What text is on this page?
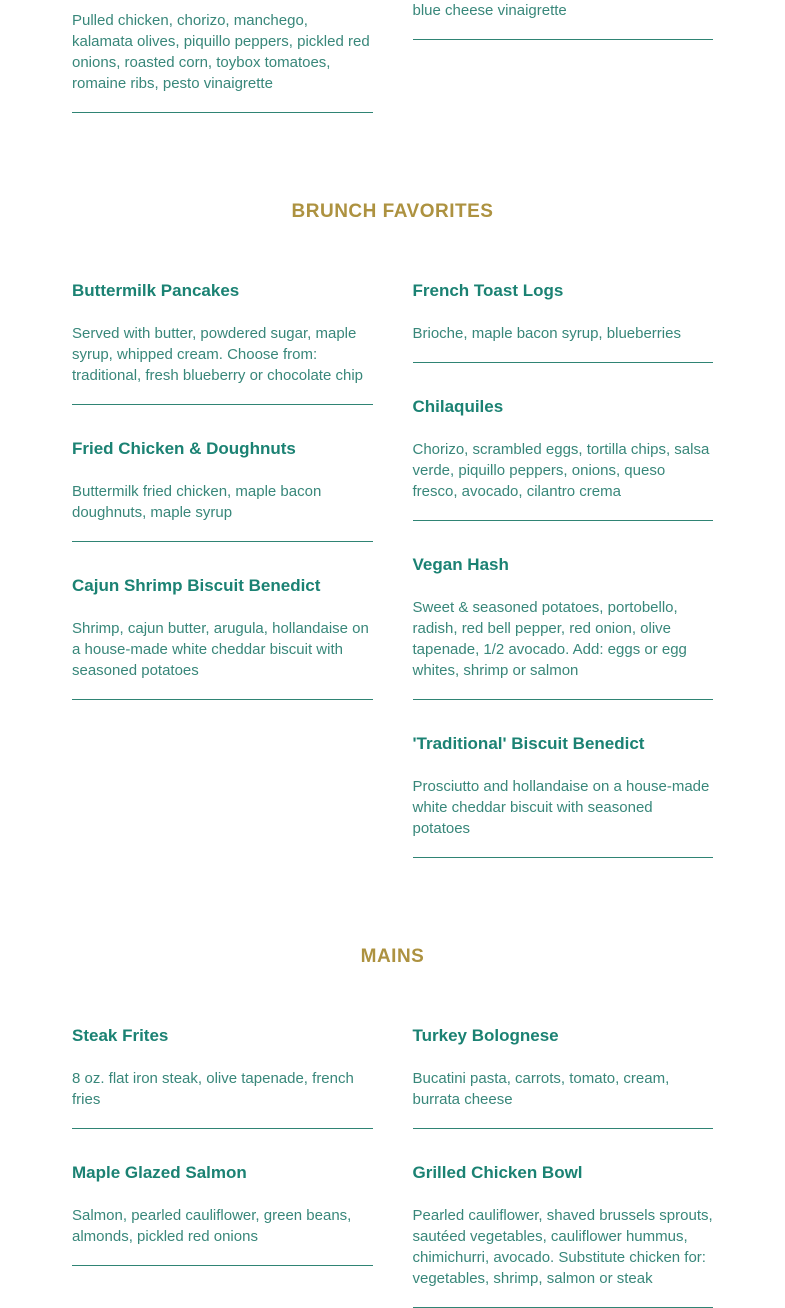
Pulled chicken, chorizo, manchego, kalamata olives, piquillo peppers, pickled red onions, roasted corn, toybox tomatoes, romaine ribs, pesto vinaigrette

blue cheese vinaigrette

BRUNCH FAVORITES
Buttermilk Pancakes

Served with butter, powdered sugar, maple syrup, whipped cream. Choose from: traditional, fresh blueberry or chocolate chip

Fried Chicken & Doughnuts

Buttermilk fried chicken, maple bacon doughnuts, maple syrup

Cajun Shrimp Biscuit Benedict

Shrimp, cajun butter, arugula, hollandaise on a house-made white cheddar biscuit with seasoned potatoes

French Toast Logs

Brioche, maple bacon syrup, blueberries

Chilaquiles

Chorizo, scrambled eggs, tortilla chips, salsa verde, piquillo peppers, onions, queso fresco, avocado, cilantro crema

Vegan Hash

Sweet & seasoned potatoes, portobello, radish, red bell pepper, red onion, olive tapenade, 1/2 avocado. Add: eggs or egg whites, shrimp or salmon

'Traditional' Biscuit Benedict

Prosciutto and hollandaise on a house-made white cheddar biscuit with seasoned potatoes

MAINS
Steak Frites

8 oz. flat iron steak, olive tapenade, french fries

Maple Glazed Salmon

Salmon, pearled cauliflower, green beans, almonds, pickled red onions

Turkey Bolognese

Bucatini pasta, carrots, tomato, cream, burrata cheese

Grilled Chicken Bowl

Pearled cauliflower, shaved brussels sprouts, sautéed vegetables, cauliflower hummus, chimichurri, avocado. Substitute chicken for: vegetables, shrimp, salmon or steak
